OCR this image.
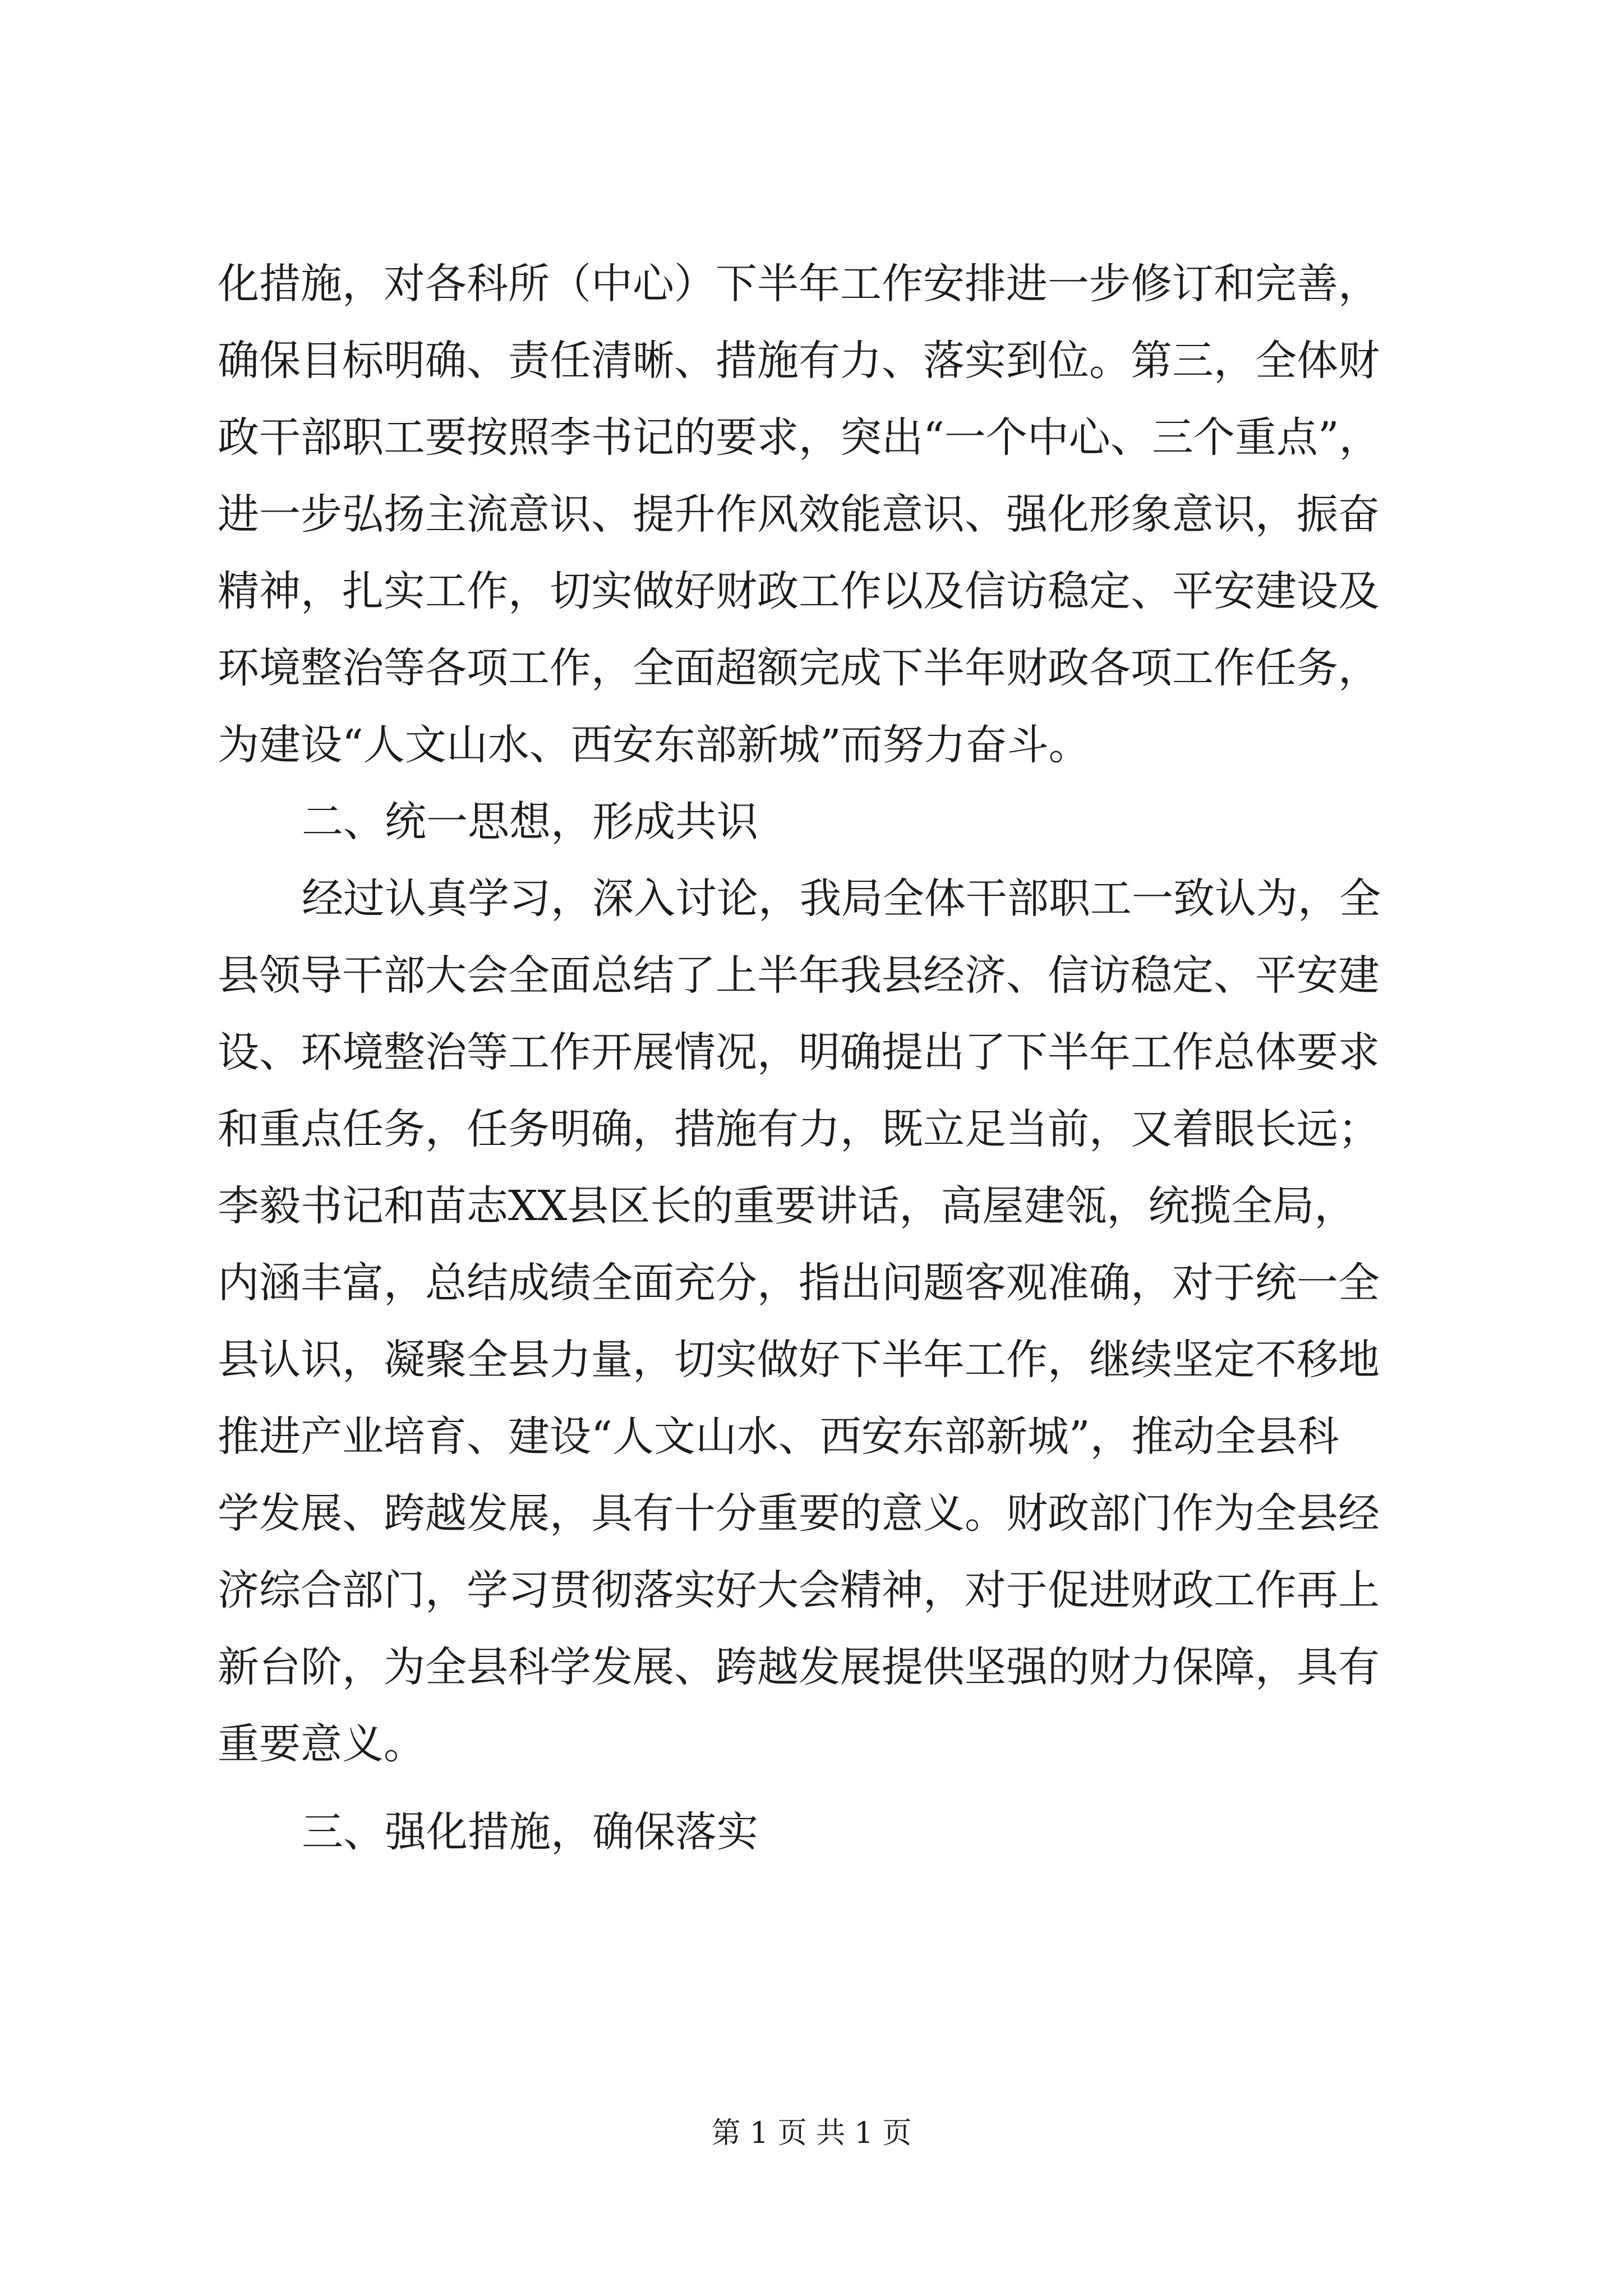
化措施，对各科所（中心）下半年工作安排进一步修订和完善，
确保目标明确、责任清晰、措施有力、落实到位。第三，全体财
政干部职工要按照李书记的要求，突出“一个中心、三个重点”，
进一步弘扬主流意识、提升作风效能意识、强化形象意识，振奋
精神，扎实工作，切实做好财政工作以及信访稳定、平安建设及
环境整治等各项工作，全面超额完成下半年财政各项工作任务，
为建设“人文山水、西安东部新城”而努力奋斗。
二、统一思想，形成共识
经过认真学习，深入讨论，我局全体干部职工一致认为，全
县领导干部大会全面总结了上半年我县经济、信访稳定、平安建
设、环境整治等工作开展情况，明确提出了下半年工作总体要求
和重点任务，任务明确，措施有力，既立足当前，又着眼长远；
李毅书记和苗志XX县区长的重要讲话，高屋建瓴，统揽全局，
内涵丰富，总结成绩全面充分，指出问题客观准确，对于统一全
县认识，凝聚全县力量，切实做好下半年工作，继续坚定不移地
推进产业培育、建设“人文山水、西安东部新城”，推动全县科
学发展、跨越发展，具有十分重要的意义。财政部门作为全县经
济综合部门，学习贯彻落实好大会精神，对于促进财政工作再上
新台阶，为全县科学发展、跨越发展提供坚强的财力保障，具有
重要意义。
三、强化措施，确保落实
第 1 页 共 1 页
